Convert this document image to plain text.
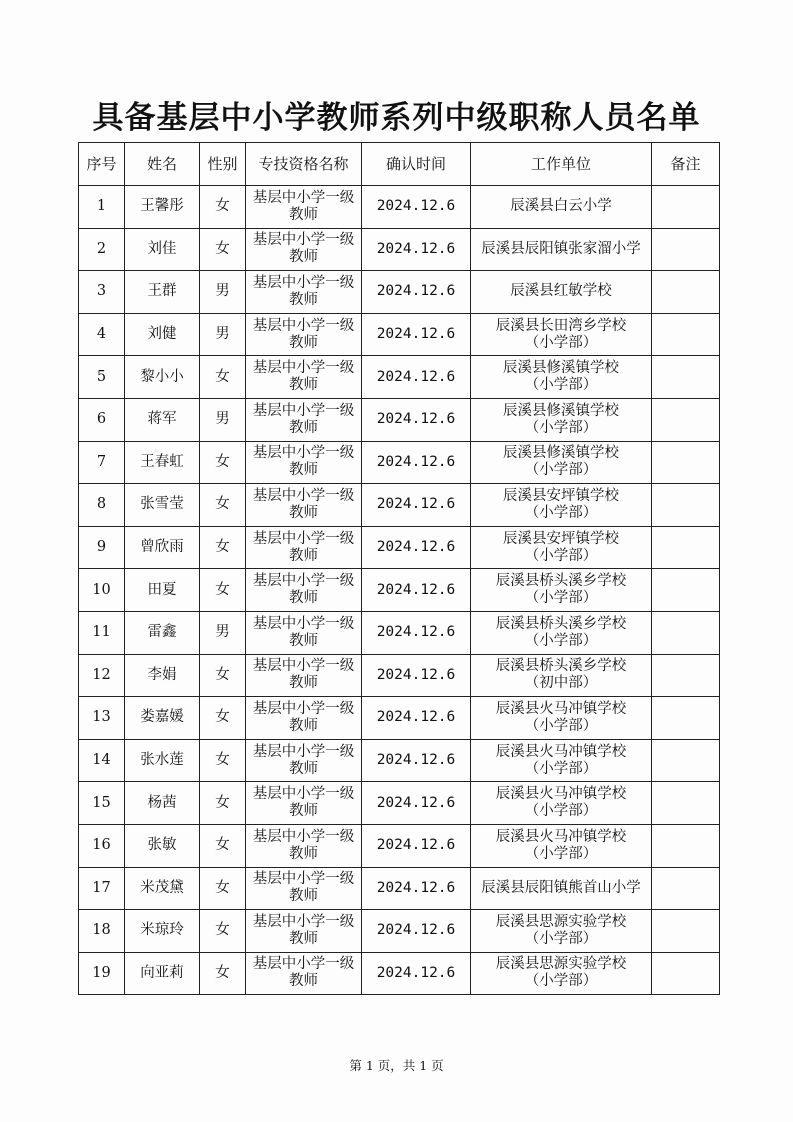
具备基层中小学教师系列中级职称人员名单
序号	姓名	性别	专技资格名称	确认时间	工作单位	备注
1	王馨彤	女	基层中小学一级
教师	2024.12.6	辰溪县白云小学	

2	刘佳	女	基层中小学一级
教师	2024.12.6	辰溪县辰阳镇张家溜小学	

3	王群	男	基层中小学一级
教师	2024.12.6	辰溪县红敏学校	

4	刘健	男	基层中小学一级
教师	2024.12.6	辰溪县长田湾乡学校
（小学部）	

5	黎小小	女	基层中小学一级
教师	2024.12.6	辰溪县修溪镇学校
（小学部）	

6	蒋军	男	基层中小学一级
教师	2024.12.6	辰溪县修溪镇学校
（小学部）	

7	王春虹	女	基层中小学一级
教师	2024.12.6	辰溪县修溪镇学校
（小学部）	

8	张雪莹	女	基层中小学一级
教师	2024.12.6	辰溪县安坪镇学校
（小学部）	

9	曾欣雨	女	基层中小学一级
教师	2024.12.6	辰溪县安坪镇学校
（小学部）	

10	田夏	女	基层中小学一级
教师	2024.12.6	辰溪县桥头溪乡学校
（小学部）	

11	雷鑫	男	基层中小学一级
教师	2024.12.6	辰溪县桥头溪乡学校
（小学部）	

12	李娟	女	基层中小学一级
教师	2024.12.6	辰溪县桥头溪乡学校
（初中部）	

13	娄嘉媛	女	基层中小学一级
教师	2024.12.6	辰溪县火马冲镇学校
（小学部）	

14	张水莲	女	基层中小学一级
教师	2024.12.6	辰溪县火马冲镇学校
（小学部）	

15	杨茜	女	基层中小学一级
教师	2024.12.6	辰溪县火马冲镇学校
（小学部）	

16	张敏	女	基层中小学一级
教师	2024.12.6	辰溪县火马冲镇学校
（小学部）	

17	米茂黛	女	基层中小学一级
教师	2024.12.6	辰溪县辰阳镇熊首山小学	

18	米琼玲	女	基层中小学一级
教师	2024.12.6	辰溪县思源实验学校
（小学部）	

19	向亚莉	女	基层中小学一级
教师	2024.12.6	辰溪县思源实验学校
（小学部）	

第 1 页，共 1 页
